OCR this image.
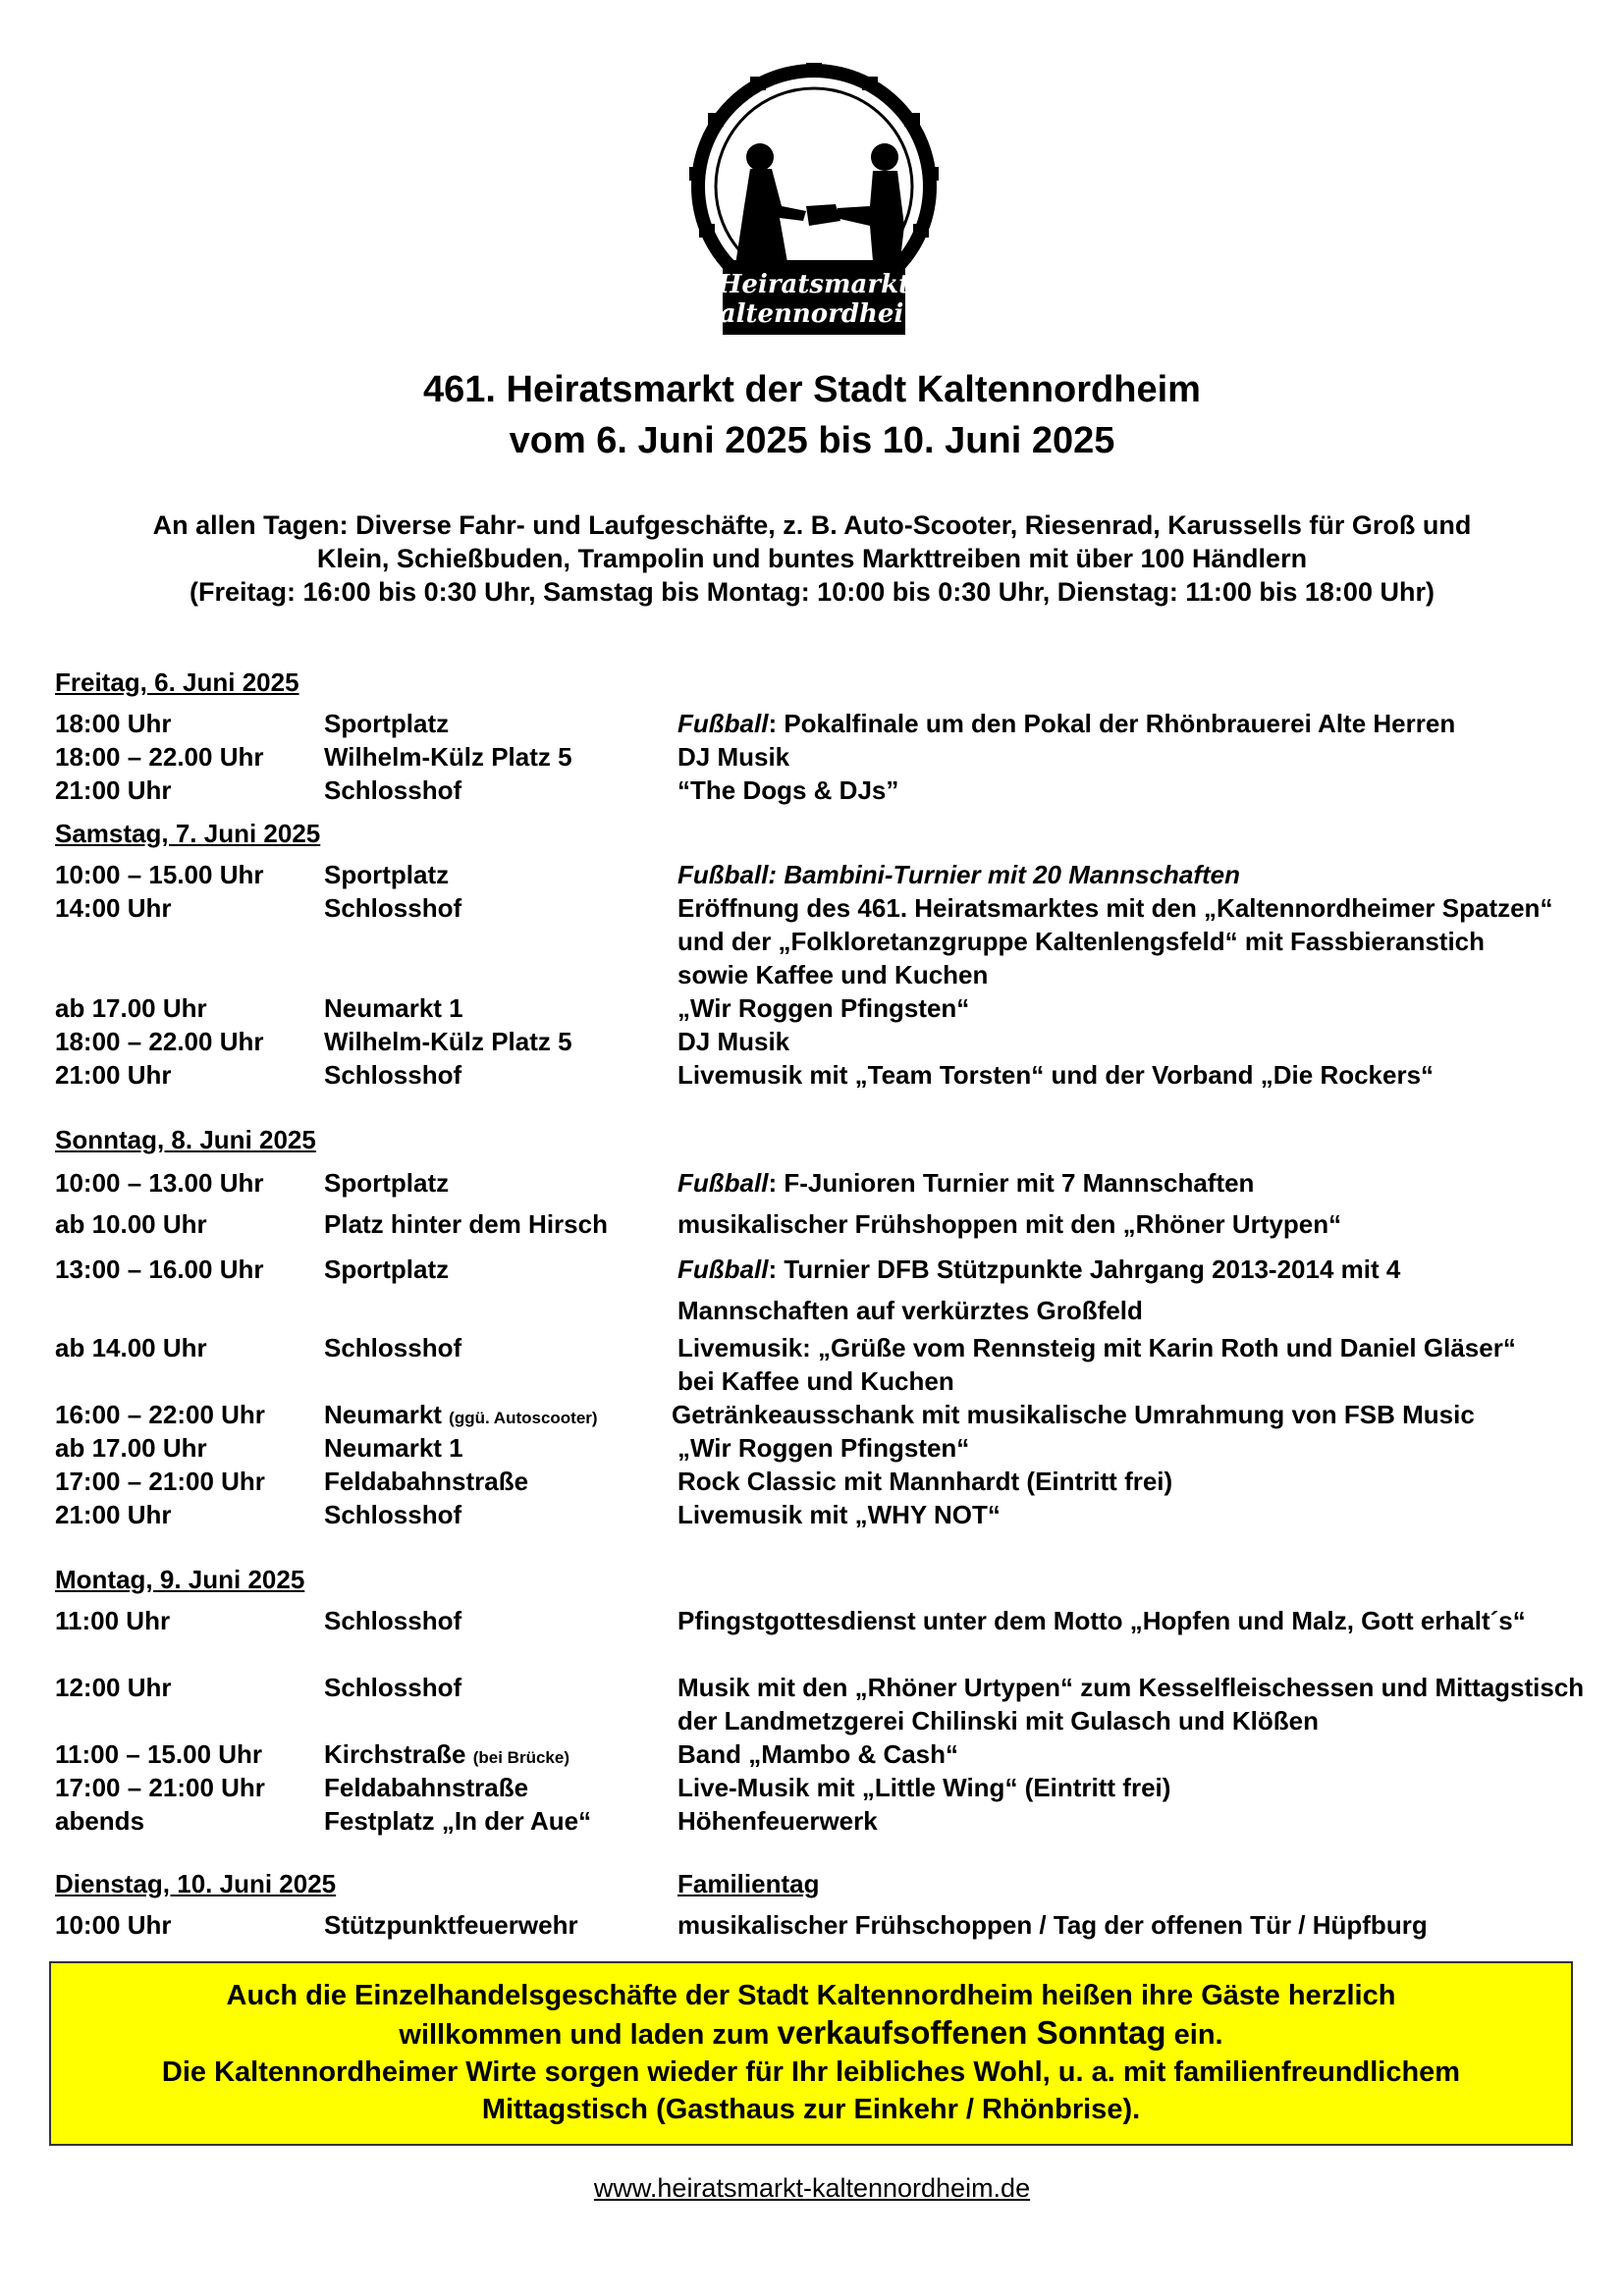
Heiratsmarkt
Kaltennordheim
461. Heiratsmarkt der Stadt Kaltennordheim
vom 6. Juni 2025 bis 10. Juni 2025
An allen Tagen: Diverse Fahr- und Laufgeschäfte, z. B. Auto-Scooter, Riesenrad, Karussells für Groß und
Klein, Schießbuden, Trampolin und buntes Markttreiben mit über 100 Händlern
(Freitag: 16:00 bis 0:30 Uhr, Samstag bis Montag: 10:00 bis 0:30 Uhr, Dienstag: 11:00 bis 18:00 Uhr)
Freitag, 6. Juni 2025
18:00 Uhr	Sportplatz	Fußball: Pokalfinale um den Pokal der Rhönbrauerei Alte Herren
18:00 – 22.00 Uhr Wilhelm-Külz Platz 5	DJ Musik
21:00 Uhr	Schlosshof	“The Dogs & DJs”
Samstag, 7. Juni 2025
10:00 – 15.00 Uhr Sportplatz	Fußball: Bambini-Turnier mit 20 Mannschaften
14:00 Uhr	Schlosshof	Eröffnung des 461. Heiratsmarktes mit den „Kaltennordheimer Spatzen“ und der „Folkloretanzgruppe Kaltenlengsfeld“ mit Fassbieranstich sowie Kaffee und Kuchen
ab 17.00 Uhr	Neumarkt 1	„Wir Roggen Pfingsten“
18:00 – 22.00 Uhr Wilhelm-Külz Platz 5	DJ Musik
21:00 Uhr	Schlosshof	Livemusik mit „Team Torsten“ und der Vorband „Die Rockers“
Sonntag, 8. Juni 2025
10:00 – 13.00 Uhr Sportplatz	Fußball: F-Junioren Turnier mit 7 Mannschaften
ab 10.00 Uhr	Platz hinter dem Hirsch	musikalischer Frühshoppen mit den „Rhöner Urtypen“
13:00 – 16.00 Uhr Sportplatz	Fußball: Turnier DFB Stützpunkte Jahrgang 2013-2014 mit 4 Mannschaften auf verkürztes Großfeld
ab 14.00 Uhr	Schlosshof	Livemusik: „Grüße vom Rennsteig mit Karin Roth und Daniel Gläser“ bei Kaffee und Kuchen
16:00 – 22:00 Uhr Neumarkt (ggü. Autoscooter)	Getränkeausschank mit musikalische Umrahmung von FSB Music
ab 17.00 Uhr	Neumarkt 1	„Wir Roggen Pfingsten“
17:00 – 21:00 Uhr Feldabahnstraße	Rock Classic mit Mannhardt (Eintritt frei)
21:00 Uhr	Schlosshof	Livemusik mit „WHY NOT“
Montag, 9. Juni 2025
11:00 Uhr	Schlosshof	Pfingstgottesdienst unter dem Motto „Hopfen und Malz, Gott erhalt´s“
12:00 Uhr	Schlosshof	Musik mit den „Rhöner Urtypen“ zum Kesselfleischessen und Mittagstisch der Landmetzgerei Chilinski mit Gulasch und Klößen
11:00 – 15.00 Uhr Kirchstraße (bei Brücke)	Band „Mambo & Cash“
17:00 – 21:00 Uhr Feldabahnstraße	Live-Musik mit „Little Wing“ (Eintritt frei)
abends	Festplatz „In der Aue“	Höhenfeuerwerk
Dienstag, 10. Juni 2025	Familientag
10:00 Uhr	Stützpunktfeuerwehr	musikalischer Frühschoppen / Tag der offenen Tür / Hüpfburg
Auch die Einzelhandelsgeschäfte der Stadt Kaltennordheim heißen ihre Gäste herzlich
willkommen und laden zum verkaufsoffenen Sonntag ein.
Die Kaltennordheimer Wirte sorgen wieder für Ihr leibliches Wohl, u. a. mit familienfreundlichem
Mittagstisch (Gasthaus zur Einkehr / Rhönbrise).
www.heiratsmarkt-kaltennordheim.de
